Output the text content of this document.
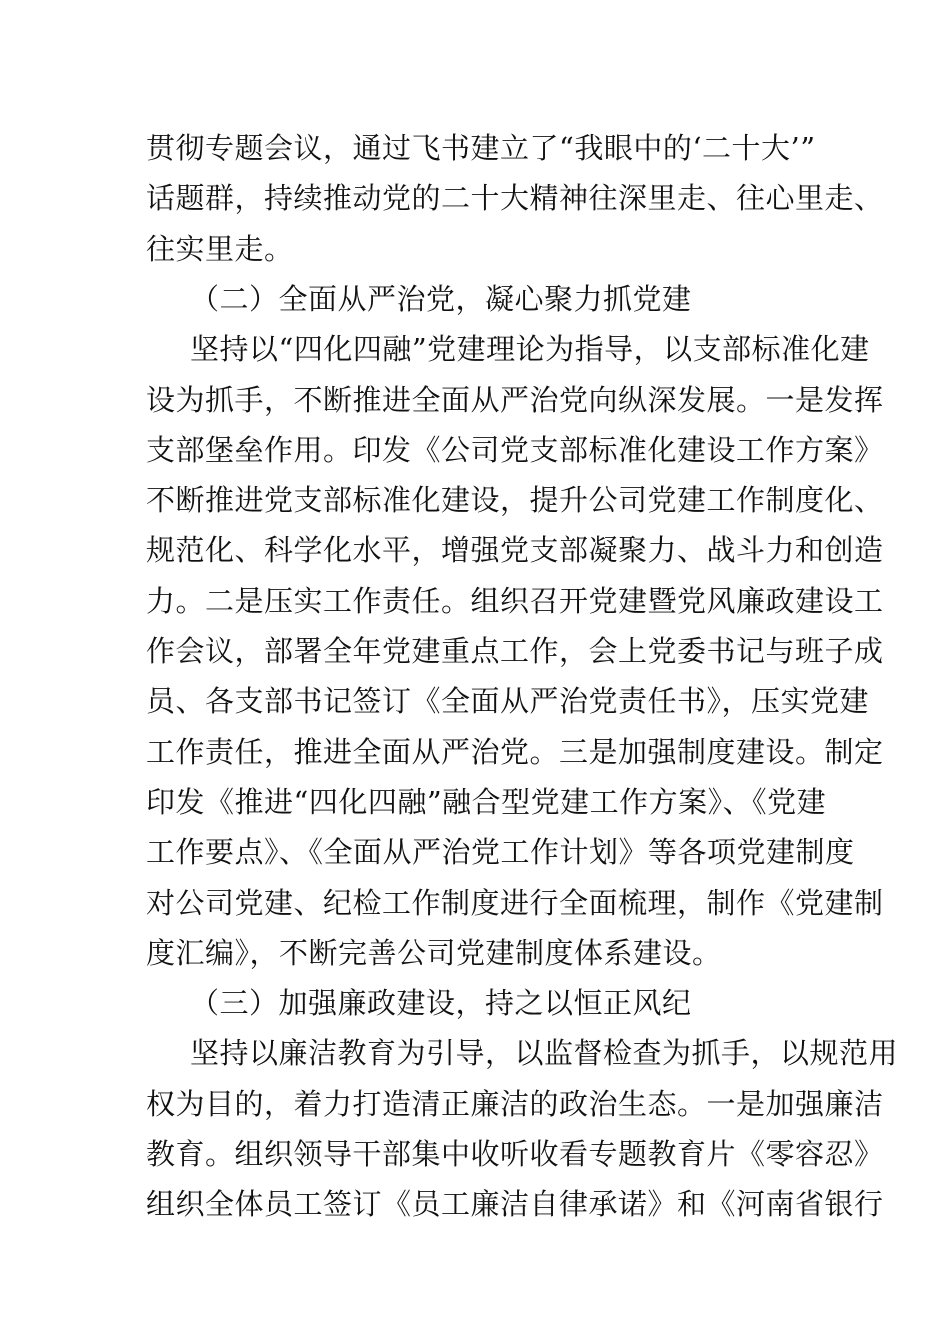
贯彻专题会议，通过飞书建立了“我眼中的‘二十大’”
话题群，持续推动党的二十大精神往深里走、往心里走、
往实里走。
（二）全面从严治党，凝心聚力抓党建
坚持以“四化四融”党建理论为指导，以支部标准化建
设为抓手，不断推进全面从严治党向纵深发展。一是发挥
支部堡垒作用。印发《公司党支部标准化建设工作方案》
不断推进党支部标准化建设，提升公司党建工作制度化、
规范化、科学化水平，增强党支部凝聚力、战斗力和创造
力。二是压实工作责任。组织召开党建暨党风廉政建设工
作会议，部署全年党建重点工作，会上党委书记与班子成
员、各支部书记签订《全面从严治党责任书》，压实党建
工作责任，推进全面从严治党。三是加强制度建设。制定
印发《推进“四化四融”融合型党建工作方案》、《党建
工作要点》、《全面从严治党工作计划》等各项党建制度
对公司党建、纪检工作制度进行全面梳理，制作《党建制
度汇编》，不断完善公司党建制度体系建设。
（三）加强廉政建设，持之以恒正风纪
坚持以廉洁教育为引导，以监督检查为抓手，以规范用
权为目的，着力打造清正廉洁的政治生态。一是加强廉洁
教育。组织领导干部集中收听收看专题教育片《零容忍》
组织全体员工签订《员工廉洁自律承诺》和《河南省银行
